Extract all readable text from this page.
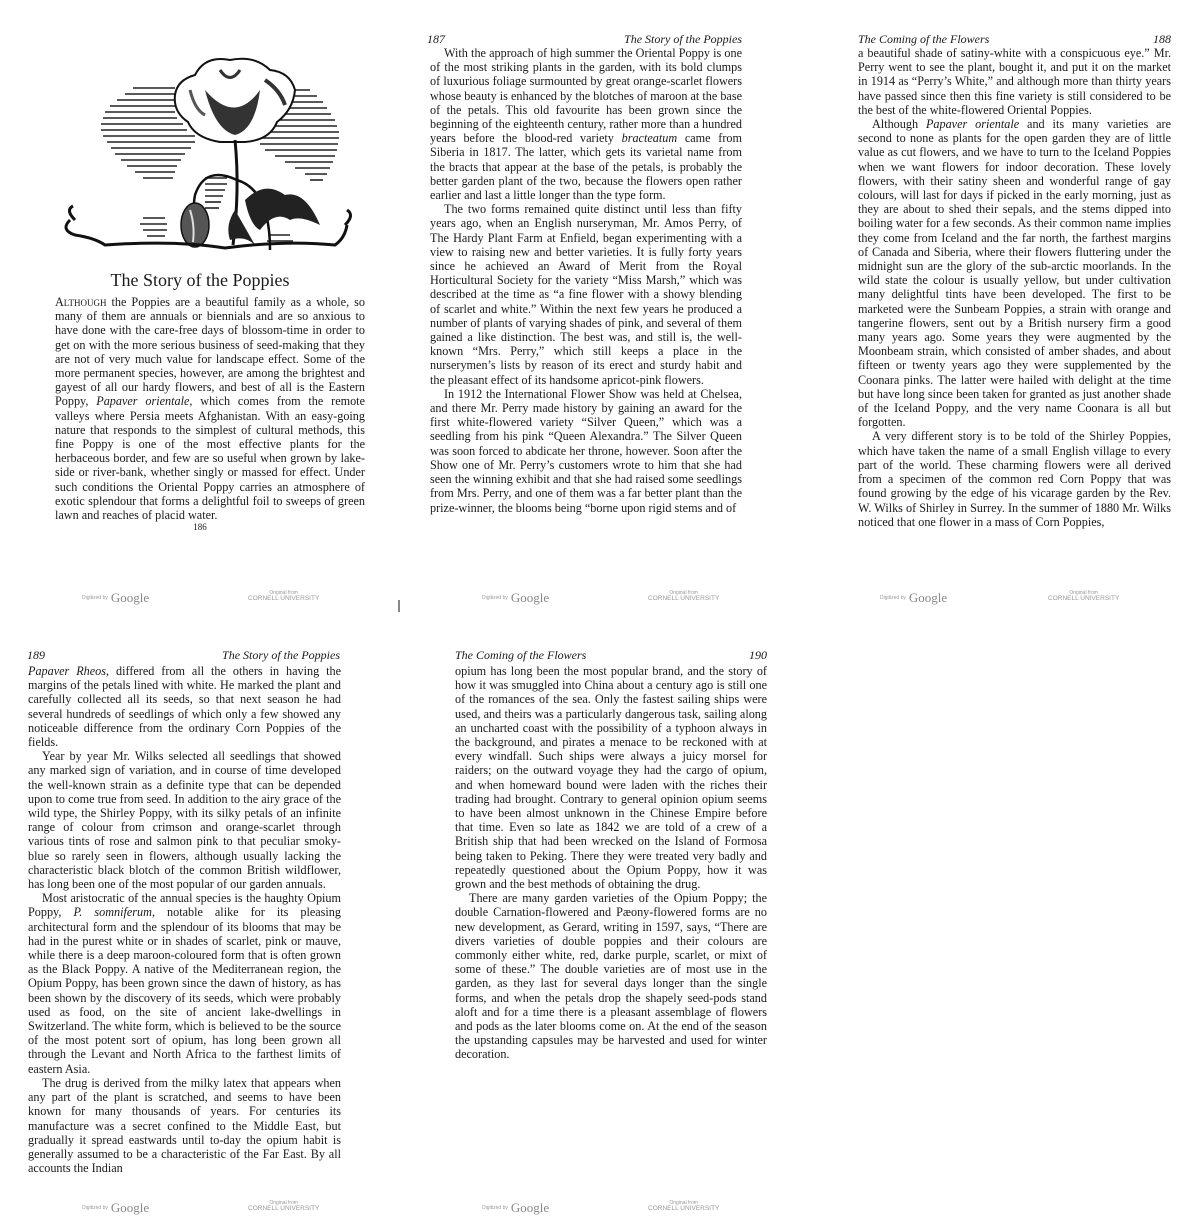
The Story of the Poppies

Although the Poppies are a beautiful family as a whole, so many of them are annuals or biennials and are so anxious to have done with the care-free days of blossom-time in order to get on with the more serious business of seed-making that they are not of very much value for landscape effect. Some of the more permanent species, however, are among the brightest and gayest of all our hardy flowers, and best of all is the Eastern Poppy, Papaver orientale, which comes from the remote valleys where Persia meets Afghanistan. With an easy-going nature that responds to the simplest of cultural methods, this fine Poppy is one of the most effective plants for the herbaceous border, and few are so useful when grown by lake-side or river-bank, whether singly or massed for effect. Under such conditions the Oriental Poppy carries an atmosphere of exotic splendour that forms a delightful foil to sweeps of green lawn and reaches of placid water.

186
Digitized by Google	Original from
CORNELL UNIVERSITY
187	The Story of the Poppies

With the approach of high summer the Oriental Poppy is one of the most striking plants in the garden, with its bold clumps of luxurious foliage surmounted by great orange-scarlet flowers whose beauty is enhanced by the blotches of maroon at the base of the petals. This old favourite has been grown since the beginning of the eighteenth century, rather more than a hundred years before the blood-red variety bracteatum came from Siberia in 1817. The latter, which gets its varietal name from the bracts that appear at the base of the petals, is probably the better garden plant of the two, because the flowers open rather earlier and last a little longer than the type form.

The two forms remained quite distinct until less than fifty years ago, when an English nurseryman, Mr. Amos Perry, of The Hardy Plant Farm at Enfield, began experimenting with a view to raising new and better varieties. It is fully forty years since he achieved an Award of Merit from the Royal Horticultural Society for the variety “Miss Marsh,” which was described at the time as “a fine flower with a showy blending of scarlet and white.” Within the next few years he produced a number of plants of varying shades of pink, and several of them gained a like distinction. The best was, and still is, the well-known “Mrs. Perry,” which still keeps a place in the nurserymen’s lists by reason of its erect and sturdy habit and the pleasant effect of its handsome apricot-pink flowers.

In 1912 the International Flower Show was held at Chelsea, and there Mr. Perry made history by gaining an award for the first white-flowered variety “Silver Queen,” which was a seedling from his pink “Queen Alexandra.” The Silver Queen was soon forced to abdicate her throne, however. Soon after the Show one of Mr. Perry’s customers wrote to him that she had seen the winning exhibit and that she had raised some seedlings from Mrs. Perry, and one of them was a far better plant than the prize-winner, the blooms being “borne upon rigid stems and of

Digitized by Google	Original from
CORNELL UNIVERSITY
The Coming of the Flowers	188

a beautiful shade of satiny-white with a conspicuous eye.” Mr. Perry went to see the plant, bought it, and put it on the market in 1914 as “Perry’s White,” and although more than thirty years have passed since then this fine variety is still considered to be the best of the white-flowered Oriental Poppies.

Although Papaver orientale and its many varieties are second to none as plants for the open garden they are of little value as cut flowers, and we have to turn to the Iceland Poppies when we want flowers for indoor decoration. These lovely flowers, with their satiny sheen and wonderful range of gay colours, will last for days if picked in the early morning, just as they are about to shed their sepals, and the stems dipped into boiling water for a few seconds. As their common name implies they come from Iceland and the far north, the farthest margins of Canada and Siberia, where their flowers fluttering under the midnight sun are the glory of the sub-arctic moorlands. In the wild state the colour is usually yellow, but under cultivation many delightful tints have been developed. The first to be marketed were the Sunbeam Poppies, a strain with orange and tangerine flowers, sent out by a British nursery firm a good many years ago. Some years they were augmented by the Moonbeam strain, which consisted of amber shades, and about fifteen or twenty years ago they were supplemented by the Coonara pinks. The latter were hailed with delight at the time but have long since been taken for granted as just another shade of the Iceland Poppy, and the very name Coonara is all but forgotten.

A very different story is to be told of the Shirley Poppies, which have taken the name of a small English village to every part of the world. These charming flowers were all derived from a specimen of the common red Corn Poppy that was found growing by the edge of his vicarage garden by the Rev. W. Wilks of Shirley in Surrey. In the summer of 1880 Mr. Wilks noticed that one flower in a mass of Corn Poppies,

Digitized by Google	Original from
CORNELL UNIVERSITY
189	The Story of the Poppies

Papaver Rheos, differed from all the others in having the margins of the petals lined with white. He marked the plant and carefully collected all its seeds, so that next season he had several hundreds of seedlings of which only a few showed any noticeable difference from the ordinary Corn Poppies of the fields.

Year by year Mr. Wilks selected all seedlings that showed any marked sign of variation, and in course of time developed the well-known strain as a definite type that can be depended upon to come true from seed. In addition to the airy grace of the wild type, the Shirley Poppy, with its silky petals of an infinite range of colour from crimson and orange-scarlet through various tints of rose and salmon pink to that peculiar smoky-blue so rarely seen in flowers, although usually lacking the characteristic black blotch of the common British wildflower, has long been one of the most popular of our garden annuals.

Most aristocratic of the annual species is the haughty Opium Poppy, P. somniferum, notable alike for its pleasing architectural form and the splendour of its blooms that may be had in the purest white or in shades of scarlet, pink or mauve, while there is a deep maroon-coloured form that is often grown as the Black Poppy. A native of the Mediterranean region, the Opium Poppy, has been grown since the dawn of history, as has been shown by the discovery of its seeds, which were probably used as food, on the site of ancient lake-dwellings in Switzerland. The white form, which is believed to be the source of the most potent sort of opium, has long been grown all through the Levant and North Africa to the farthest limits of eastern Asia.

The drug is derived from the milky latex that appears when any part of the plant is scratched, and seems to have been known for many thousands of years. For centuries its manufacture was a secret confined to the Middle East, but gradually it spread eastwards until to-day the opium habit is generally assumed to be a characteristic of the Far East. By all accounts the Indian

Digitized by Google	Original from
CORNELL UNIVERSITY
The Coming of the Flowers	190

opium has long been the most popular brand, and the story of how it was smuggled into China about a century ago is still one of the romances of the sea. Only the fastest sailing ships were used, and theirs was a particularly dangerous task, sailing along an uncharted coast with the possibility of a typhoon always in the background, and pirates a menace to be reckoned with at every windfall. Such ships were always a juicy morsel for raiders; on the outward voyage they had the cargo of opium, and when homeward bound were laden with the riches their trading had brought. Contrary to general opinion opium seems to have been almost unknown in the Chinese Empire before that time. Even so late as 1842 we are told of a crew of a British ship that had been wrecked on the Island of Formosa being taken to Peking. There they were treated very badly and repeatedly questioned about the Opium Poppy, how it was grown and the best methods of obtaining the drug.

There are many garden varieties of the Opium Poppy; the double Carnation-flowered and Pæony-flowered forms are no new development, as Gerard, writing in 1597, says, “There are divers varieties of double poppies and their colours are commonly either white, red, darke purple, scarlet, or mixt of some of these.” The double varieties are of most use in the garden, as they last for several days longer than the single forms, and when the petals drop the shapely seed-pods stand aloft and for a time there is a pleasant assemblage of flowers and pods as the later blooms come on. At the end of the season the upstanding capsules may be harvested and used for winter decoration.

Digitized by Google	Original from
CORNELL UNIVERSITY
